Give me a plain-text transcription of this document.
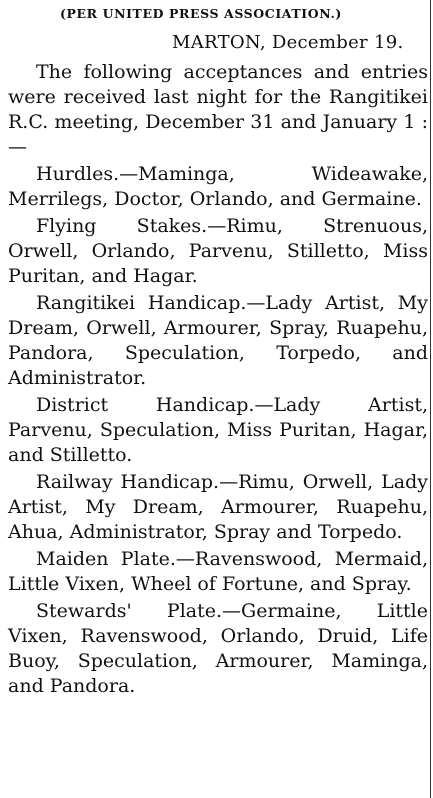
(PER UNITED PRESS ASSOCIATION.)
MARTON, December 19.

The following acceptances and entries were received last night for the Rangitikei R.C. meeting, December 31 and January 1 :—

Hurdles.—Maminga, Wideawake, Merrilegs, Doctor, Orlando, and Germaine.

Flying Stakes.—Rimu, Strenuous, Orwell, Orlando, Parvenu, Stilletto, Miss Puritan, and Hagar.

Rangitikei Handicap.—Lady Artist, My Dream, Orwell, Armourer, Spray, Ruapehu, Pandora, Speculation, Torpedo, and Administrator.

District Handicap.—Lady Artist, Parvenu, Speculation, Miss Puritan, Hagar, and Stilletto.

Railway Handicap.—Rimu, Orwell, Lady Artist, My Dream, Armourer, Ruapehu, Ahua, Administrator, Spray and Torpedo.

Maiden Plate.—Ravenswood, Mermaid, Little Vixen, Wheel of Fortune, and Spray.

Stewards' Plate.—Germaine, Little Vixen, Ravenswood, Orlando, Druid, Life Buoy, Speculation, Armourer, Maminga, and Pandora.
